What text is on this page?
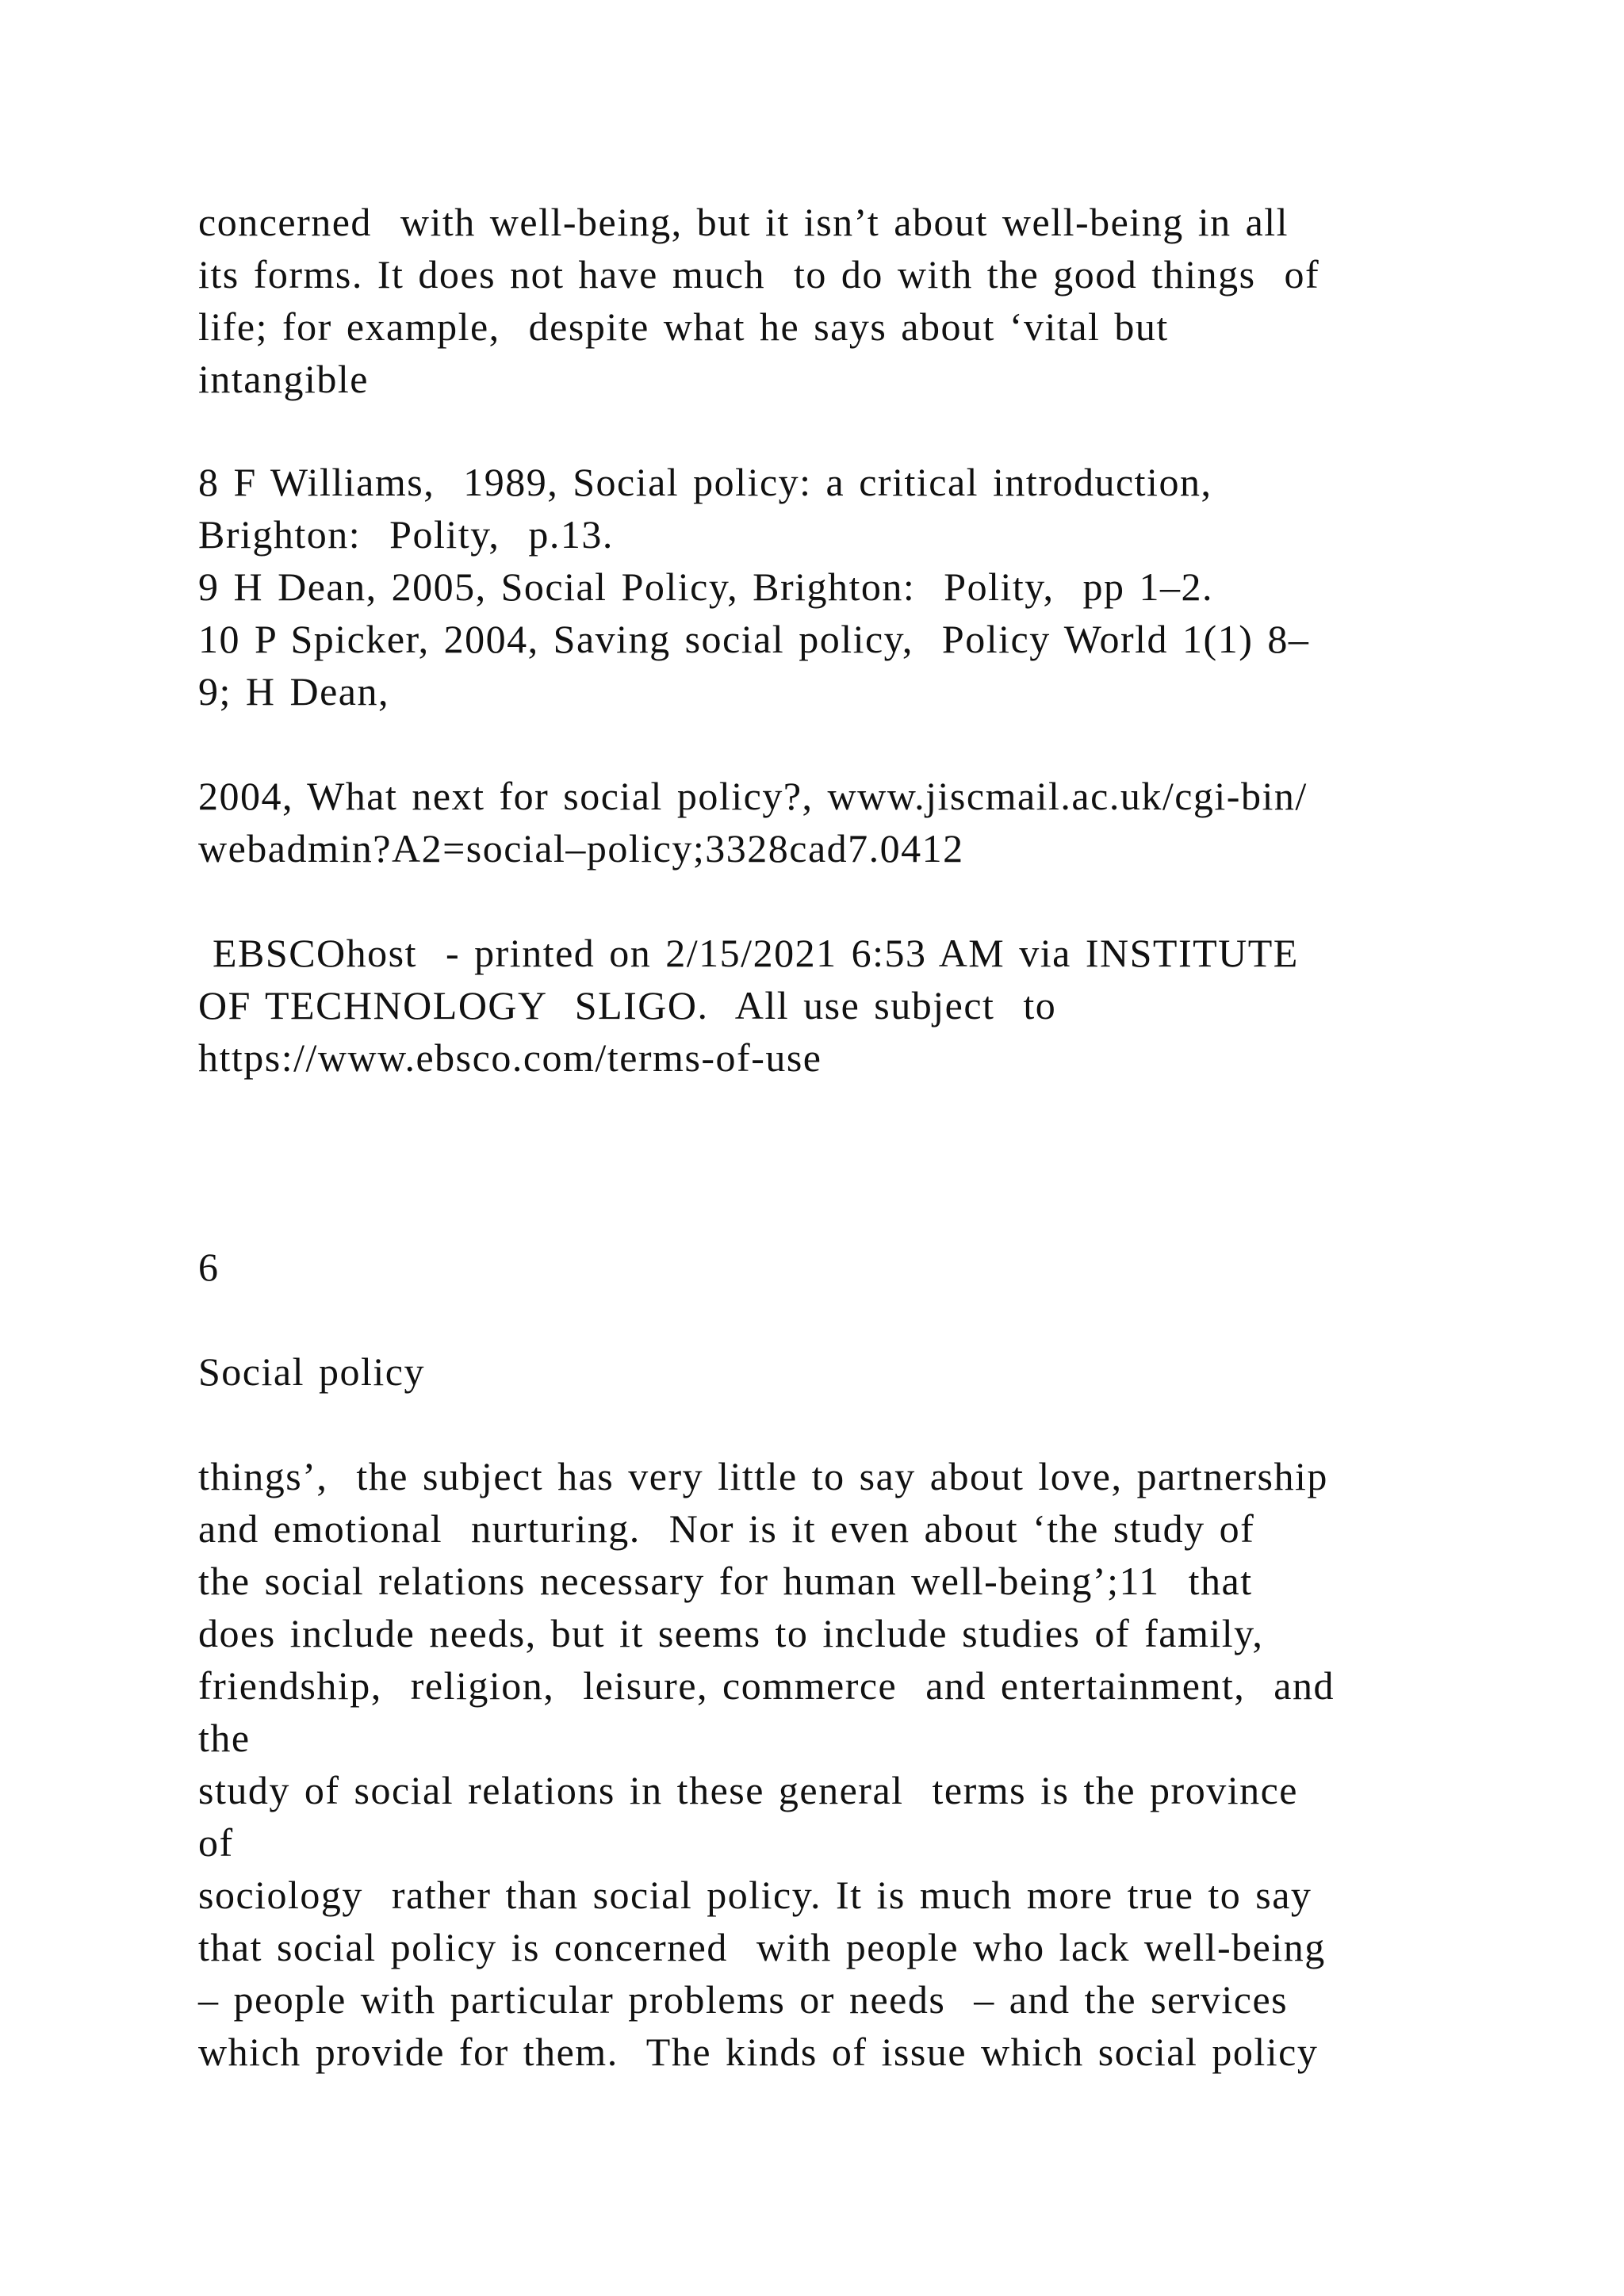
concerned  with well-being, but it isn’t about well-being in all

its forms. It does not have much  to do with the good things  of

life; for example,  despite what he says about ‘vital but

intangible

8 F Williams,  1989, Social policy: a critical introduction,

Brighton:  Polity,  p.13.

9 H Dean, 2005, Social Policy, Brighton:  Polity,  pp 1–2.

10 P Spicker, 2004, Saving social policy,  Policy World 1(1) 8–

9; H Dean,

2004, What next for social policy?, www.jiscmail.ac.uk/cgi-bin/

webadmin?A2=social–policy;3328cad7.0412

EBSCOhost  - printed on 2/15/2021 6:53 AM via INSTITUTE

OF TECHNOLOGY  SLIGO.  All use subject  to

https://www.ebsco.com/terms-of-use

6

Social policy

things’,  the subject has very little to say about love, partnership

and emotional  nurturing.  Nor is it even about ‘the study of

the social relations necessary for human well-being’;11  that

does include needs, but it seems to include studies of family,

friendship,  religion,  leisure, commerce  and entertainment,  and

the

study of social relations in these general  terms is the province

of

sociology  rather than social policy. It is much more true to say

that social policy is concerned  with people who lack well-being

– people with particular problems or needs  – and the services

which provide for them.  The kinds of issue which social policy
